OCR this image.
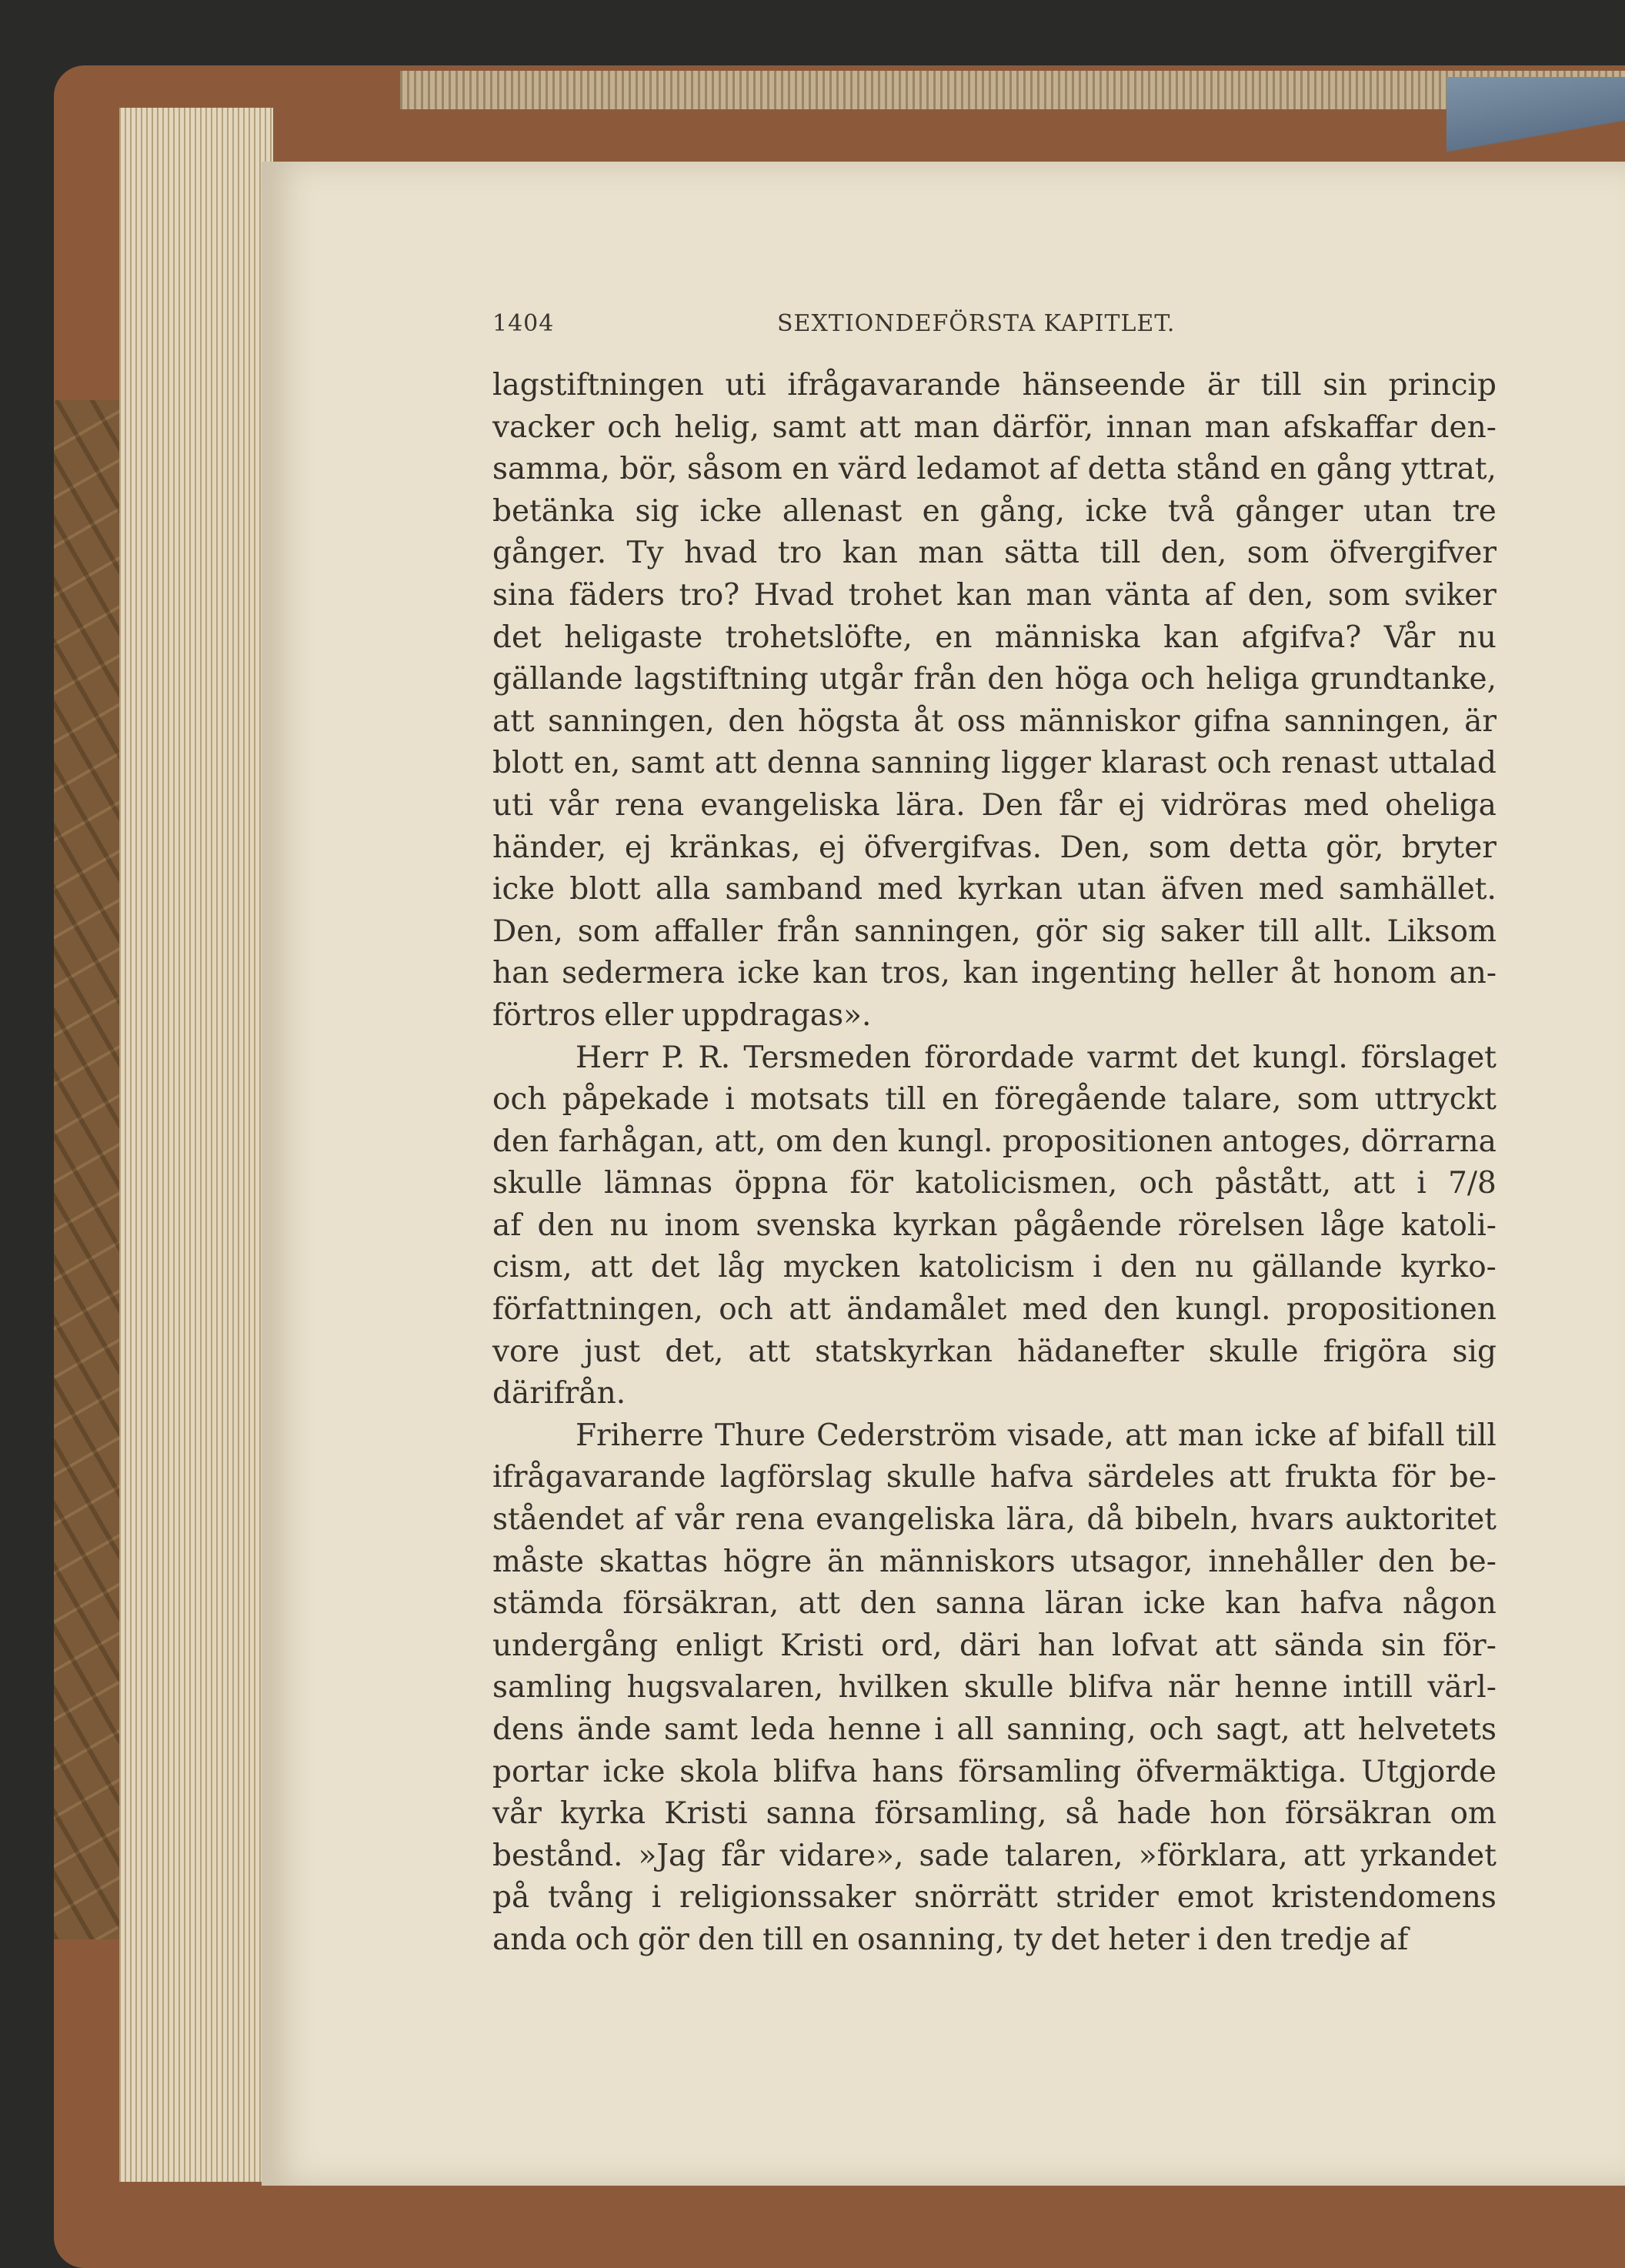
1404	SEXTIONDEFÖRSTA KAPITLET.
lagstiftningen uti ifrågavarande hänseende är till sin princip
vacker och helig, samt att man därför, innan man afskaffar den-
samma, bör, såsom en värd ledamot af detta stånd en gång yttrat,
betänka sig icke allenast en gång, icke två gånger utan tre
gånger. Ty hvad tro kan man sätta till den, som öfvergifver
sina fäders tro? Hvad trohet kan man vänta af den, som sviker
det heligaste trohetslöfte, en människa kan afgifva? Vår nu
gällande lagstiftning utgår från den höga och heliga grundtanke,
att sanningen, den högsta åt oss människor gifna sanningen, är
blott en, samt att denna sanning ligger klarast och renast uttalad
uti vår rena evangeliska lära. Den får ej vidröras med oheliga
händer, ej kränkas, ej öfvergifvas. Den, som detta gör, bryter
icke blott alla samband med kyrkan utan äfven med samhället.
Den, som affaller från sanningen, gör sig saker till allt. Liksom
han sedermera icke kan tros, kan ingenting heller åt honom an-
förtros eller uppdragas».
Herr P. R. Tersmeden förordade varmt det kungl. förslaget
och påpekade i motsats till en föregående talare, som uttryckt
den farhågan, att, om den kungl. propositionen antoges, dörrarna
skulle lämnas öppna för katolicismen, och påstått, att i 7/8
af den nu inom svenska kyrkan pågående rörelsen låge katoli-
cism, att det låg mycken katolicism i den nu gällande kyrko-
författningen, och att ändamålet med den kungl. propositionen
vore just det, att statskyrkan hädanefter skulle frigöra sig
därifrån.
Friherre Thure Cederström visade, att man icke af bifall till
ifrågavarande lagförslag skulle hafva särdeles att frukta för be-
ståendet af vår rena evangeliska lära, då bibeln, hvars auktoritet
måste skattas högre än människors utsagor, innehåller den be-
stämda försäkran, att den sanna läran icke kan hafva någon
undergång enligt Kristi ord, däri han lofvat att sända sin för-
samling hugsvalaren, hvilken skulle blifva när henne intill värl-
dens ände samt leda henne i all sanning, och sagt, att helvetets
portar icke skola blifva hans församling öfvermäktiga. Utgjorde
vår kyrka Kristi sanna församling, så hade hon försäkran om
bestånd. »Jag får vidare», sade talaren, »förklara, att yrkandet
på tvång i religionssaker snörrätt strider emot kristendomens
anda och gör den till en osanning, ty det heter i den tredje af
